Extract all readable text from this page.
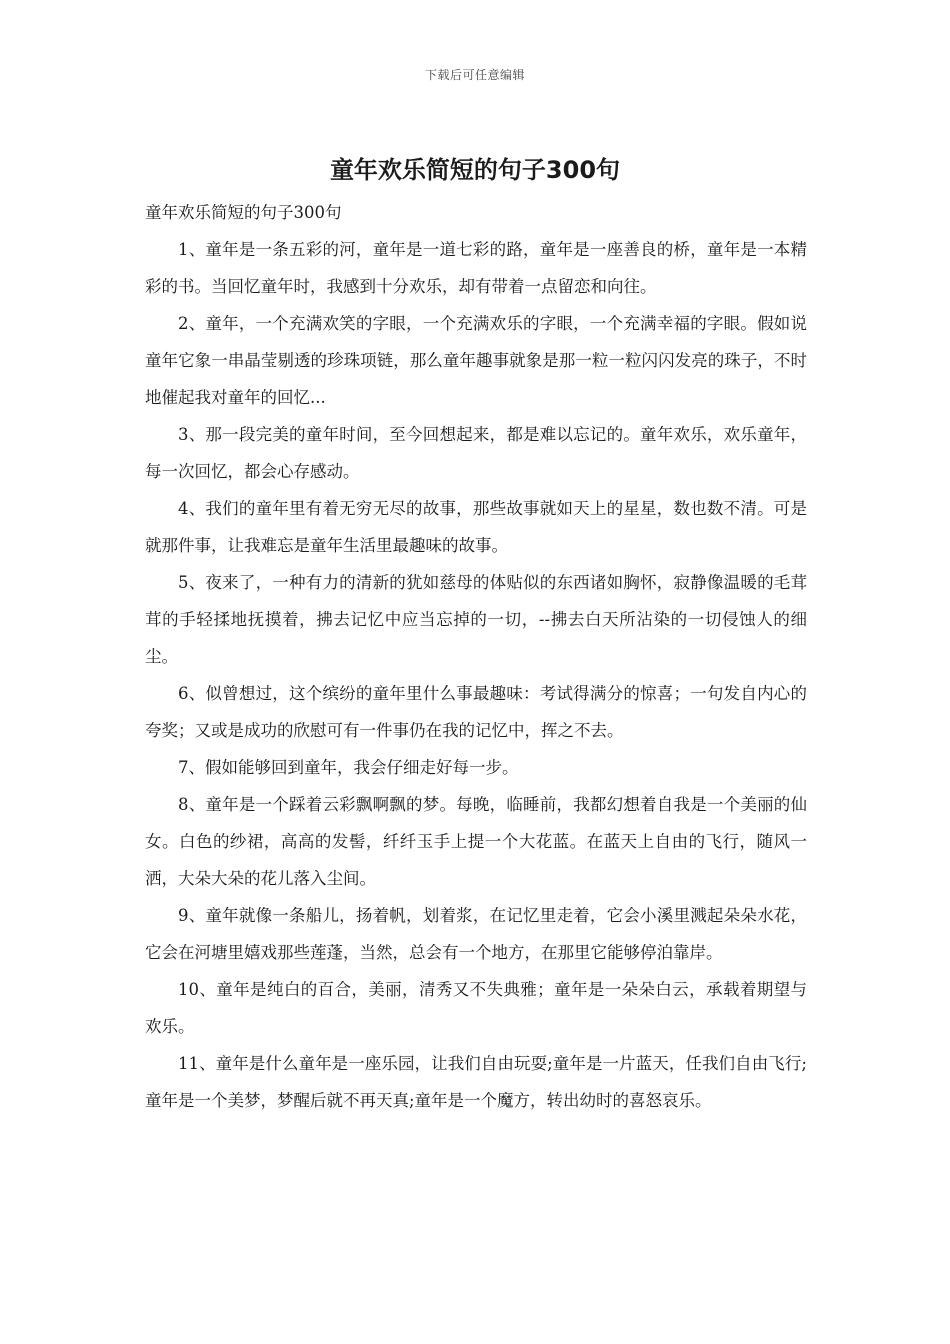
下载后可任意编辑
童年欢乐简短的句子300句

童年欢乐简短的句子300句

1、童年是一条五彩的河，童年是一道七彩的路，童年是一座善良的桥，童年是一本精彩的书。当回忆童年时，我感到十分欢乐，却有带着一点留恋和向往。

2、童年，一个充满欢笑的字眼，一个充满欢乐的字眼，一个充满幸福的字眼。假如说童年它象一串晶莹剔透的珍珠项链，那么童年趣事就象是那一粒一粒闪闪发亮的珠子，不时地催起我对童年的回忆...

3、那一段完美的童年时间，至今回想起来，都是难以忘记的。童年欢乐，欢乐童年，每一次回忆，都会心存感动。

4、我们的童年里有着无穷无尽的故事，那些故事就如天上的星星，数也数不清。可是就那件事，让我难忘是童年生活里最趣味的故事。

5、夜来了，一种有力的清新的犹如慈母的体贴似的东西诸如胸怀，寂静像温暖的毛茸茸的手轻揉地抚摸着，拂去记忆中应当忘掉的一切，--拂去白天所沾染的一切侵蚀人的细尘。

6、似曾想过，这个缤纷的童年里什么事最趣味：考试得满分的惊喜；一句发自内心的夸奖；又或是成功的欣慰可有一件事仍在我的记忆中，挥之不去。

7、假如能够回到童年，我会仔细走好每一步。

8、童年是一个踩着云彩飘啊飘的梦。每晚，临睡前，我都幻想着自我是一个美丽的仙女。白色的纱裙，高高的发髻，纤纤玉手上提一个大花蓝。在蓝天上自由的飞行，随风一洒，大朵大朵的花儿落入尘间。

9、童年就像一条船儿，扬着帆，划着浆，在记忆里走着，它会小溪里溅起朵朵水花，它会在河塘里嬉戏那些莲蓬，当然，总会有一个地方，在那里它能够停泊靠岸。

10、童年是纯白的百合，美丽，清秀又不失典雅；童年是一朵朵白云，承载着期望与欢乐。

11、童年是什么童年是一座乐园，让我们自由玩耍;童年是一片蓝天，任我们自由飞行;童年是一个美梦，梦醒后就不再天真;童年是一个魔方，转出幼时的喜怒哀乐。
